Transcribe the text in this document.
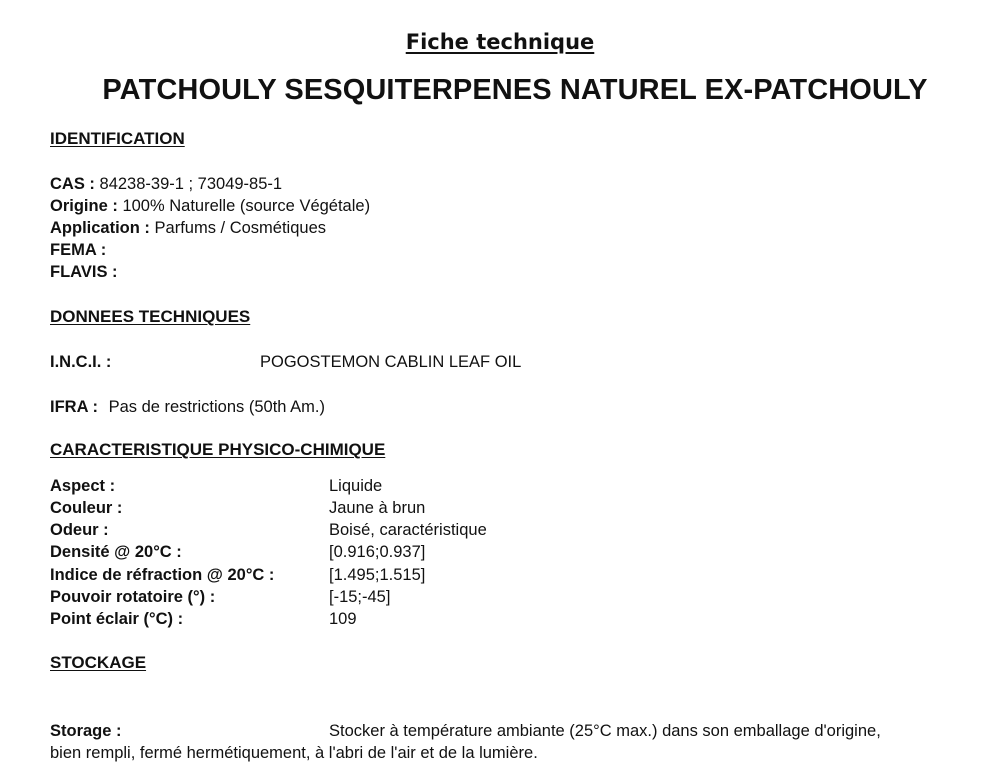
Fiche technique
PATCHOULY SESQUITERPENES NATUREL EX-PATCHOULY
IDENTIFICATION
CAS : 84238-39-1 ; 73049-85-1
Origine : 100% Naturelle (source Végétale)
Application : Parfums / Cosmétiques
FEMA :
FLAVIS :
DONNEES TECHNIQUES
I.N.C.I. :	POGOSTEMON CABLIN LEAF OIL
IFRA : Pas de restrictions (50th Am.)
CARACTERISTIQUE PHYSICO-CHIMIQUE
Aspect :	Liquide
Couleur :	Jaune à brun
Odeur :	Boisé, caractéristique
Densité @ 20°C :	[0.916;0.937]
Indice de réfraction @ 20°C :	[1.495;1.515]
Pouvoir rotatoire (°) :	[-15;-45]
Point éclair (°C) :	109
STOCKAGE
Storage :	Stocker à température ambiante (25°C max.) dans son emballage d'origine,
bien rempli, fermé hermétiquement, à l'abri de l'air et de la lumière.
